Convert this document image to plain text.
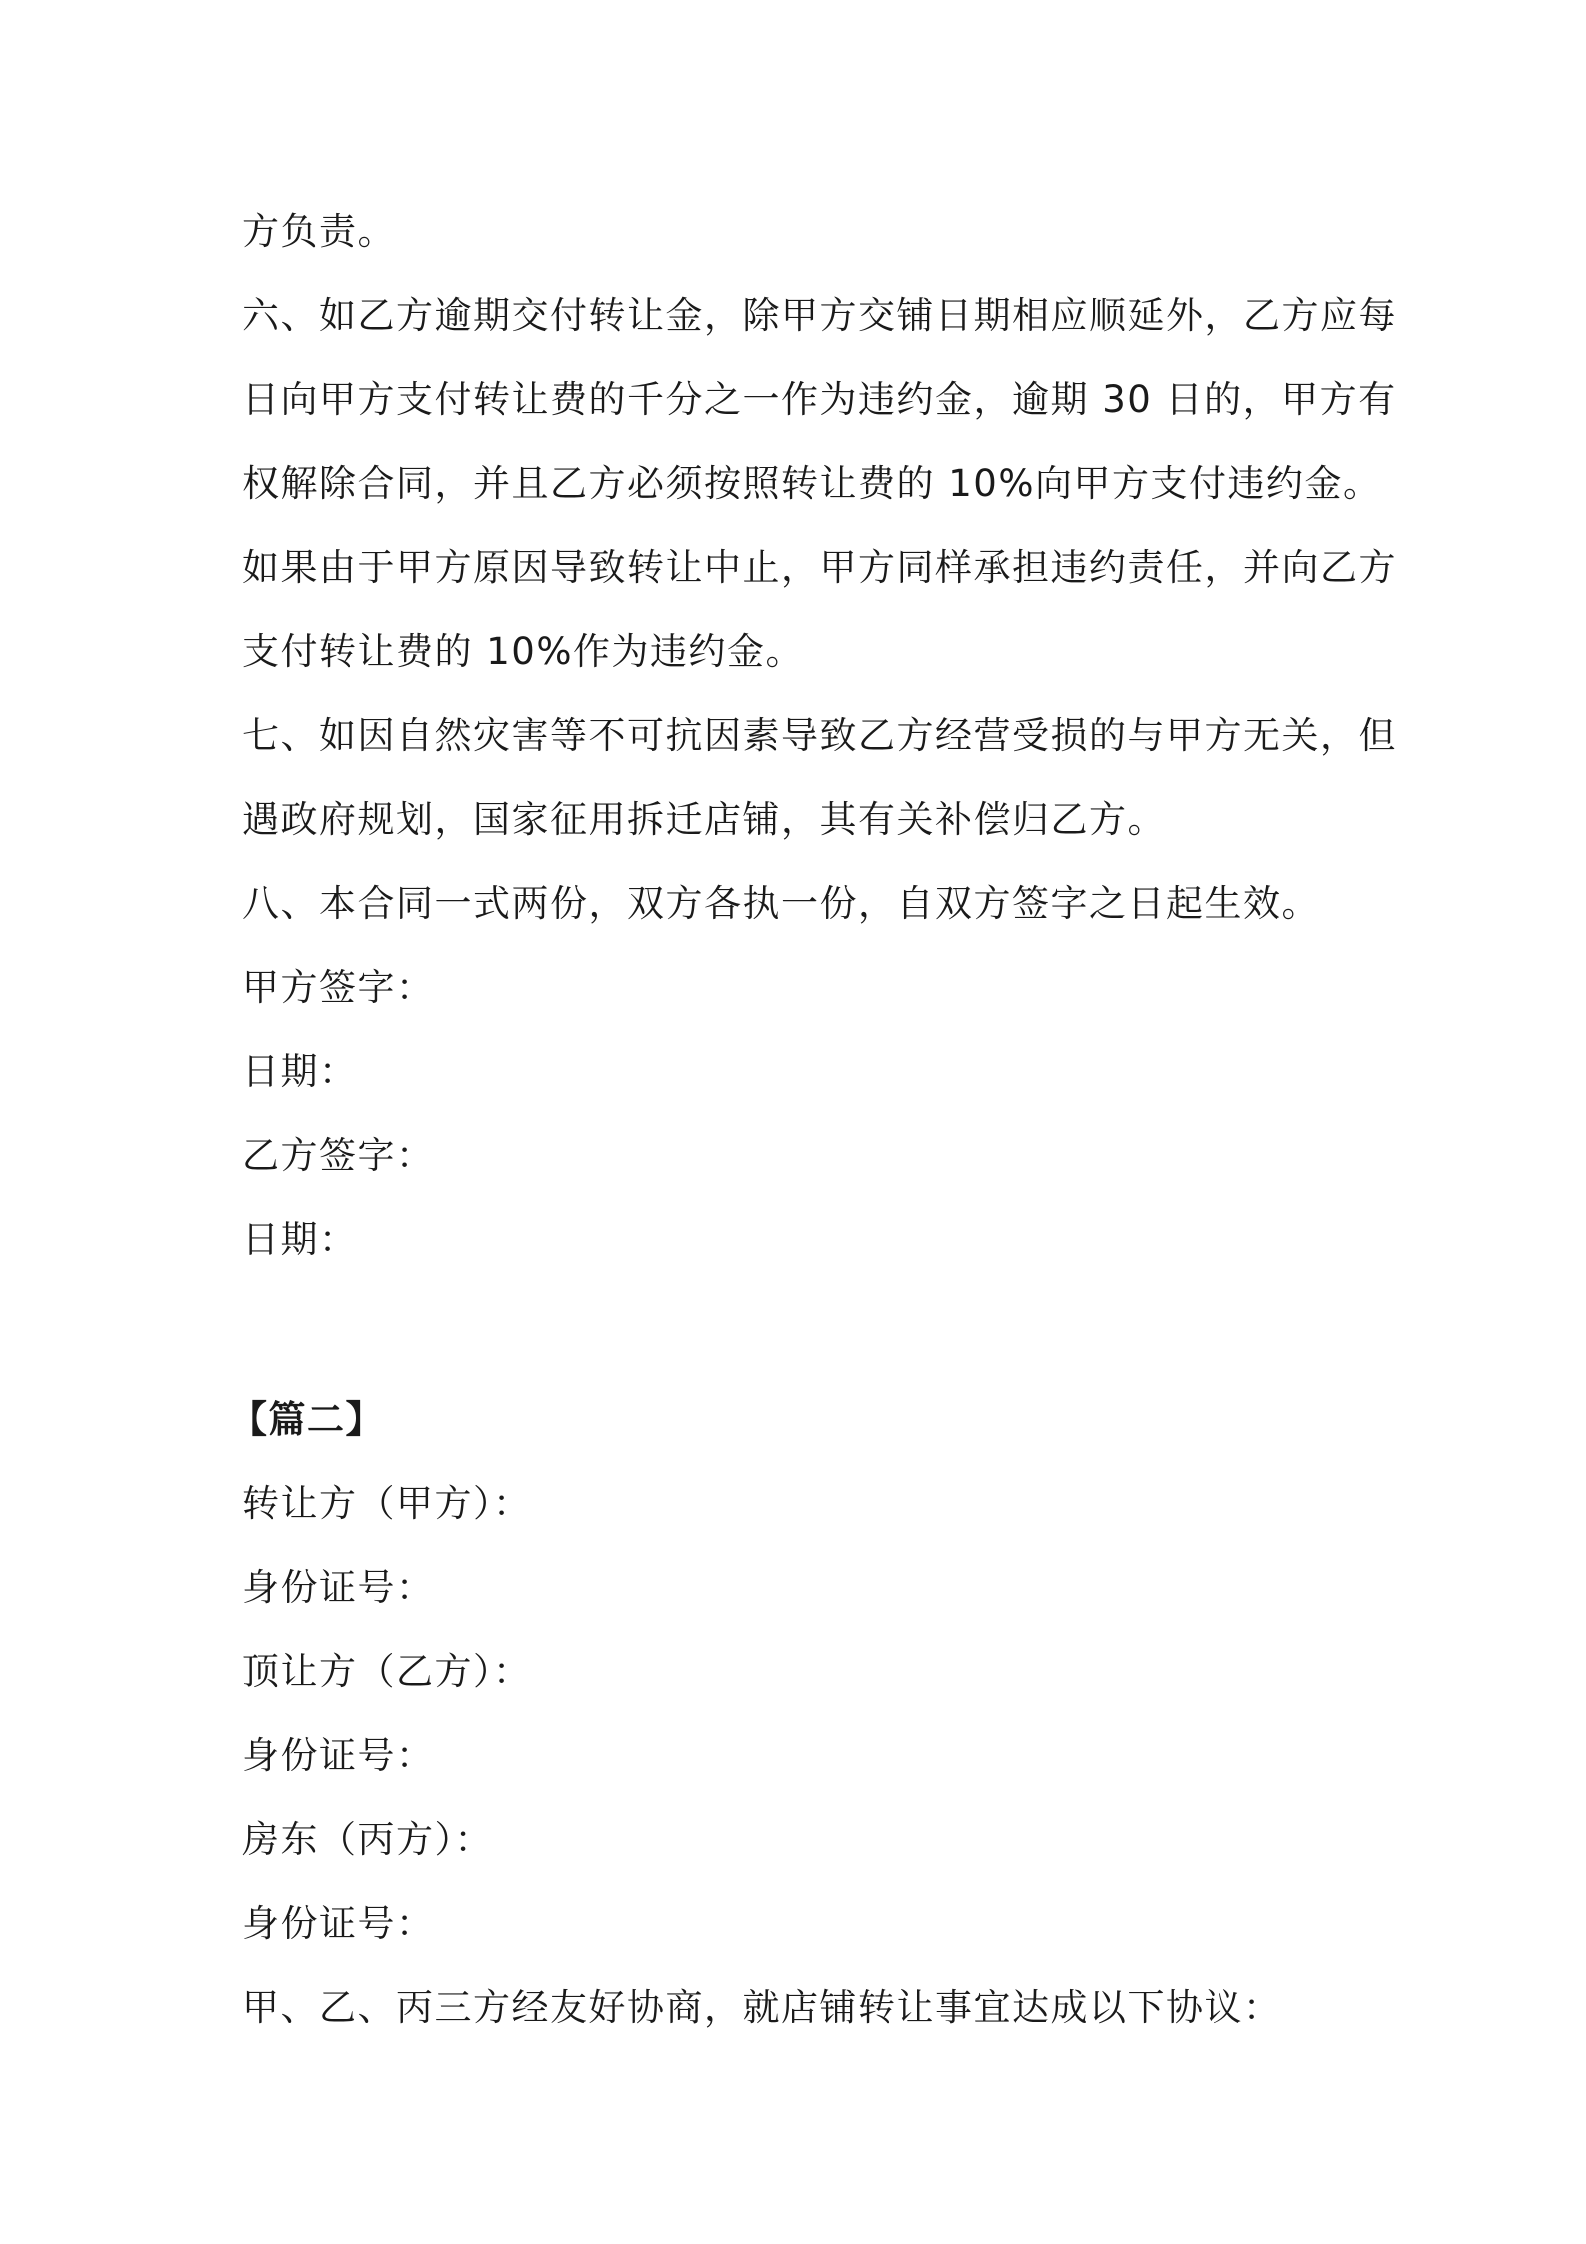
方负责。
六、如乙方逾期交付转让金，除甲方交铺日期相应顺延外，乙方应每
日向甲方支付转让费的千分之一作为违约金，逾期 30 日的，甲方有
权解除合同，并且乙方必须按照转让费的 10%向甲方支付违约金。
如果由于甲方原因导致转让中止，甲方同样承担违约责任，并向乙方
支付转让费的 10%作为违约金。
七、如因自然灾害等不可抗因素导致乙方经营受损的与甲方无关，但
遇政府规划，国家征用拆迁店铺，其有关补偿归乙方。
八、本合同一式两份，双方各执一份，自双方签字之日起生效。
甲方签字：
日期：
乙方签字：
日期：
【篇二】
转让方（甲方）：
身份证号：
顶让方（乙方）：
身份证号：
房东（丙方）：
身份证号：
甲、乙、丙三方经友好协商，就店铺转让事宜达成以下协议：
